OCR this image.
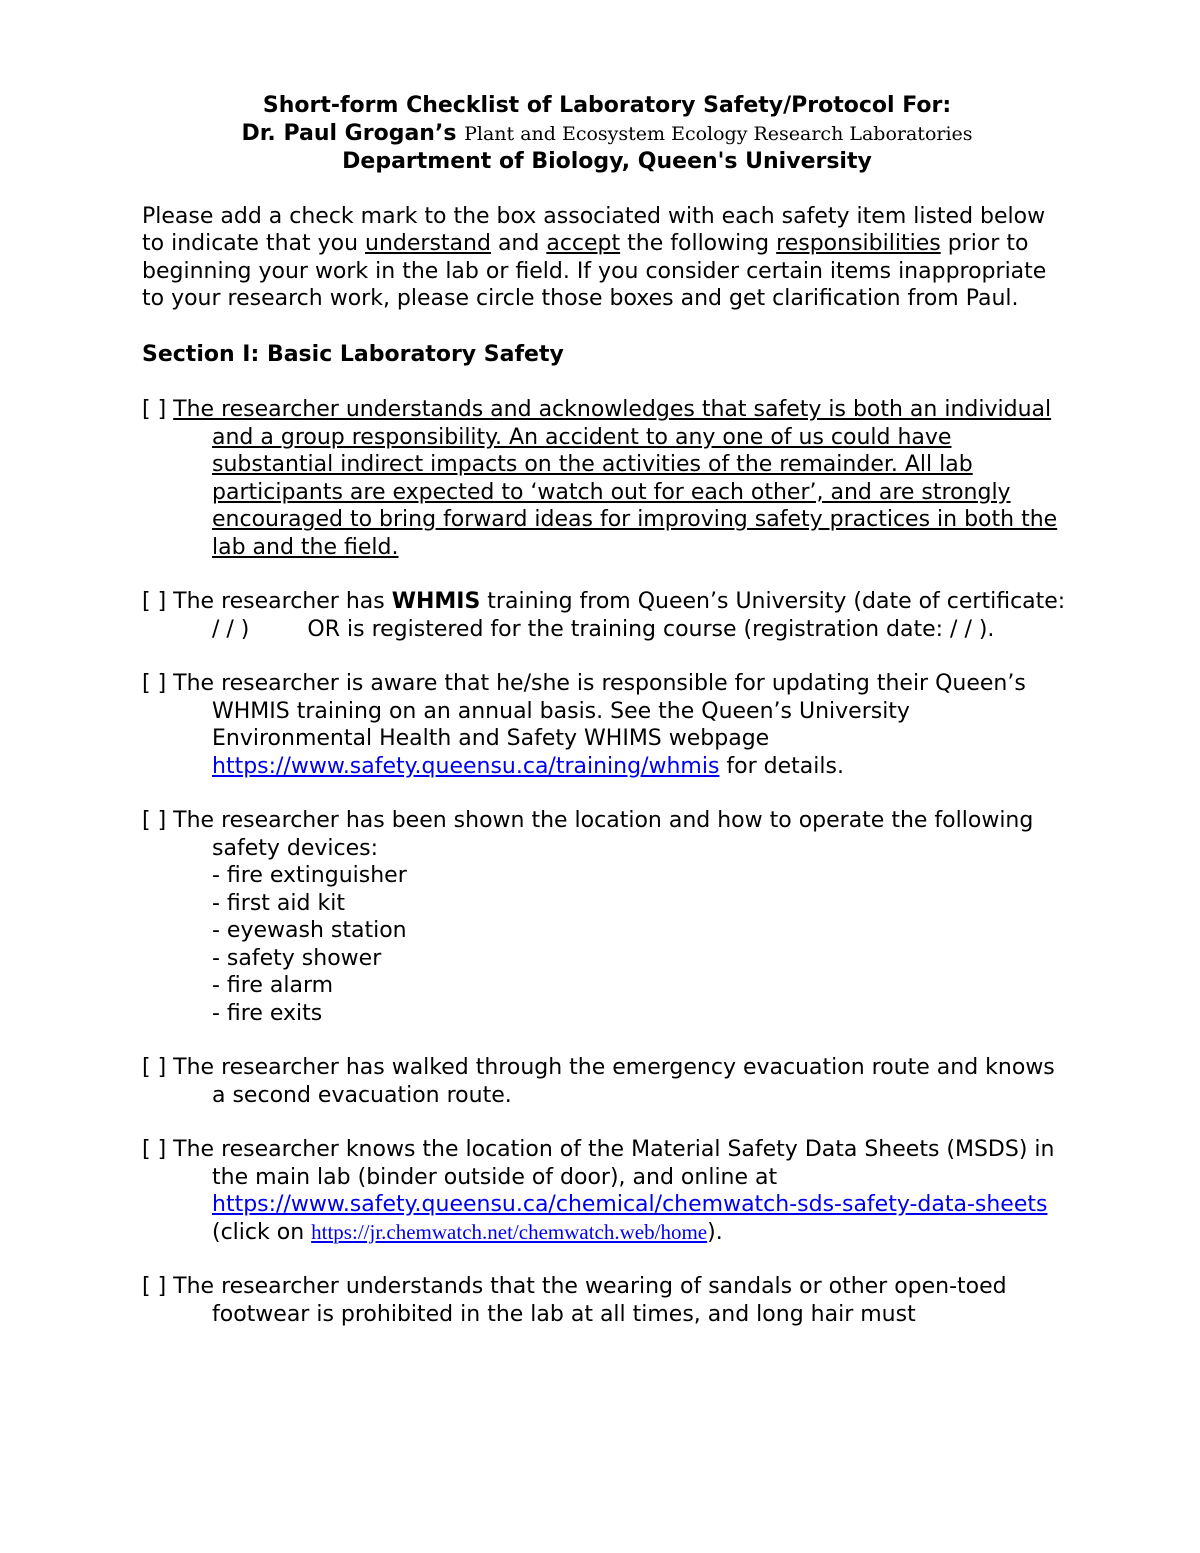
Short-form Checklist of Laboratory Safety/Protocol For:
Dr. Paul Grogan’s Plant and Ecosystem Ecology Research Laboratories
Department of Biology, Queen's University
Please add a check mark to the box associated with each safety item listed below to indicate that you understand and accept the following responsibilities prior to beginning your work in the lab or field. If you consider certain items inappropriate to your research work, please circle those boxes and get clarification from Paul.
Section I: Basic Laboratory Safety
[ ] The researcher understands and acknowledges that safety is both an individual and a group responsibility. An accident to any one of us could have substantial indirect impacts on the activities of the remainder. All lab participants are expected to ‘watch out for each other’, and are strongly encouraged to bring forward ideas for improving safety practices in both the lab and the field.
[ ] The researcher has WHMIS training from Queen’s University (date of certificate: / / )	OR is registered for the training course (registration date: / / ).
[ ] The researcher is aware that he/she is responsible for updating their Queen’s WHMIS training on an annual basis. See the Queen’s University Environmental Health and Safety WHIMS webpage https://www.safety.queensu.ca/training/whmis for details.
[ ] The researcher has been shown the location and how to operate the following safety devices:
- fire extinguisher
- first aid kit
- eyewash station
- safety shower
- fire alarm
- fire exits
[ ] The researcher has walked through the emergency evacuation route and knows a second evacuation route.
[ ] The researcher knows the location of the Material Safety Data Sheets (MSDS) in the main lab (binder outside of door), and online at https://www.safety.queensu.ca/chemical/chemwatch-sds-safety-data-sheets (click on https://jr.chemwatch.net/chemwatch.web/home).
[ ] The researcher understands that the wearing of sandals or other open-toed footwear is prohibited in the lab at all times, and long hair must
